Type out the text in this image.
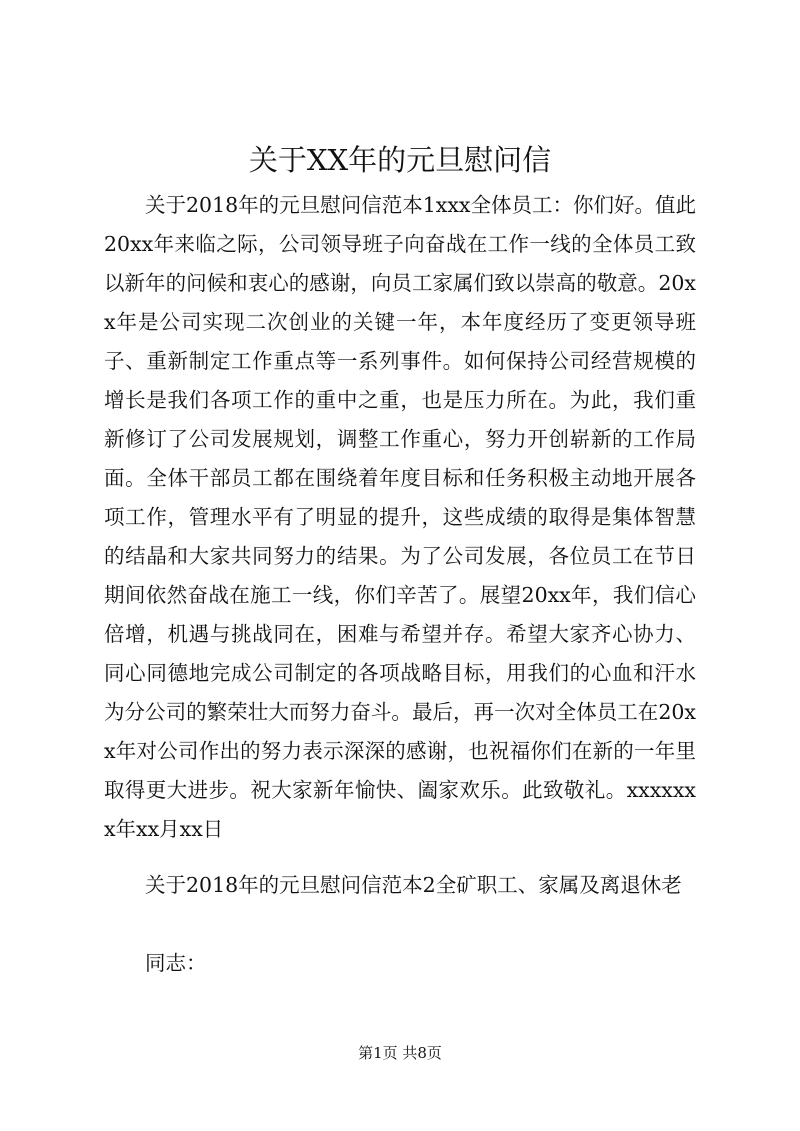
关于XX年的元旦慰问信

关于2018年的元旦慰问信范本1xxx全体员工：你们好。值此20xx年来临之际，公司领导班子向奋战在工作一线的全体员工致以新年的问候和衷心的感谢，向员工家属们致以崇高的敬意。20xx年是公司实现二次创业的关键一年，本年度经历了变更领导班子、重新制定工作重点等一系列事件。如何保持公司经营规模的增长是我们各项工作的重中之重，也是压力所在。为此，我们重新修订了公司发展规划，调整工作重心，努力开创崭新的工作局面。全体干部员工都在围绕着年度目标和任务积极主动地开展各项工作，管理水平有了明显的提升，这些成绩的取得是集体智慧的结晶和大家共同努力的结果。为了公司发展，各位员工在节日期间依然奋战在施工一线，你们辛苦了。展望20xx年，我们信心倍增，机遇与挑战同在，困难与希望并存。希望大家齐心协力、同心同德地完成公司制定的各项战略目标，用我们的心血和汗水为分公司的繁荣壮大而努力奋斗。最后，再一次对全体员工在20xx年对公司作出的努力表示深深的感谢，也祝福你们在新的一年里取得更大进步。祝大家新年愉快、阖家欢乐。此致敬礼。xxxxxxx年xx月xx日

关于2018年的元旦慰问信范本2全矿职工、家属及离退休老

同志：

第1页 共8页
